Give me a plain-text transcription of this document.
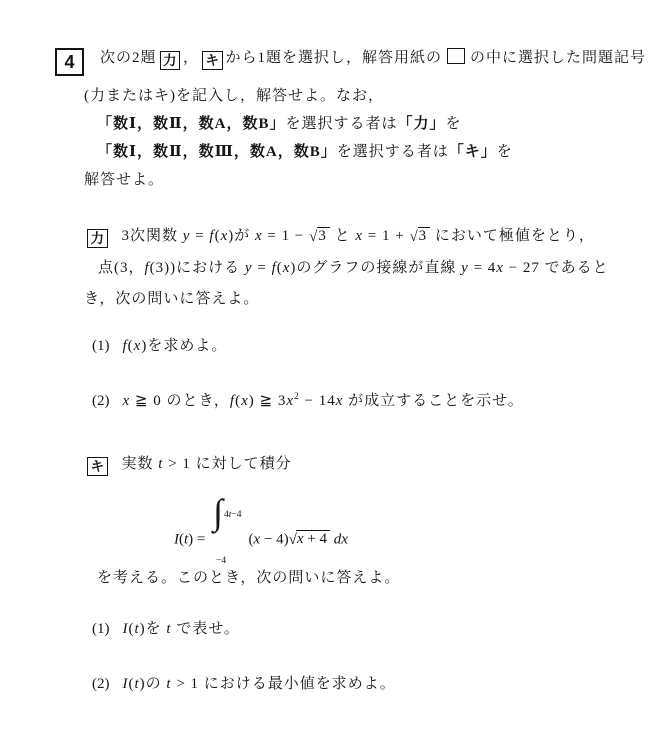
4 次の2題 力 ， キ から1題を選択し，解答用紙の の中に選択した問題記号
(力またはキ)を記入し，解答せよ。なお，
「数Ⅰ，数Ⅱ，数A，数B」を選択する者は「力」を
「数Ⅰ，数Ⅱ，数Ⅲ，数A，数B」を選択する者は「キ」を
解答せよ。
力 3次関数 y = f(x)が x = 1 − √3 と x = 1 + √3 において極値をとり，
点(3，f(3))における y = f(x)のグラフの接線が直線 y = 4x − 27 であると
き，次の問いに答えよ。
(1) f(x)を求めよ。
(2) x ≧ 0 のとき，f(x) ≧ $3x^2 - 14x$ が成立することを示せ。
キ 実数 t > 1 に対して積分
I(t) =
∫ 4t−4
−4
(x − 4)√x + 4 dx
を考える。このとき，次の問いに答えよ。
(1) I(t)を t で表せ。
(2) I(t)の t > 1 における最小値を求めよ。
